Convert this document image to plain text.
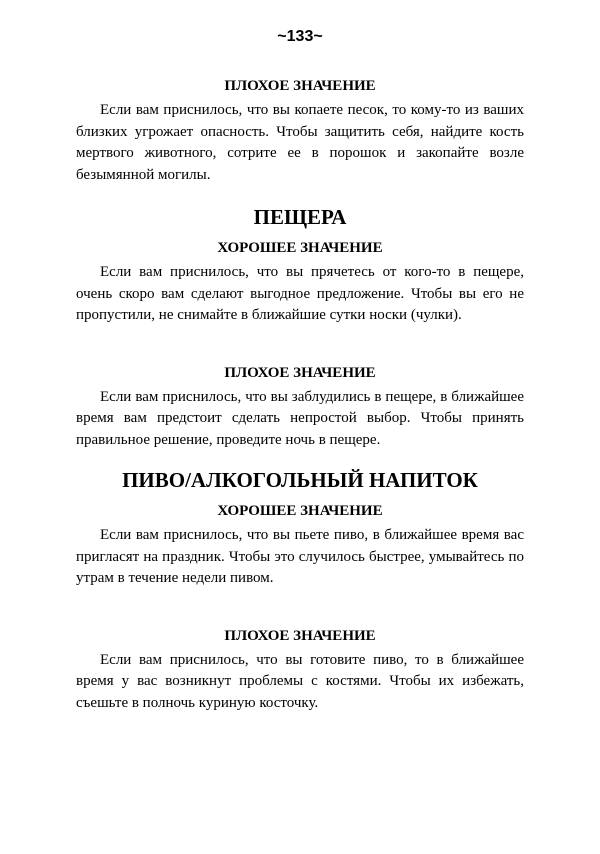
~133~
ПЛОХОЕ ЗНАЧЕНИЕ

Если вам приснилось, что вы копаете песок, то кому-то из ваших близких угрожает опасность. Чтобы защитить себя, найдите кость мертвого животного, сотрите ее в порошок и закопайте возле безымянной могилы.

ПЕЩЕРА
ХОРОШЕЕ ЗНАЧЕНИЕ

Если вам приснилось, что вы прячетесь от кого-то в пещере, очень скоро вам сделают выгодное предложение. Чтобы вы его не пропустили, не снимайте в ближайшие сутки носки (чулки).

ПЛОХОЕ ЗНАЧЕНИЕ

Если вам приснилось, что вы заблудились в пещере, в ближайшее время вам предстоит сделать непростой выбор. Чтобы принять правильное решение, проведите ночь в пещере.

ПИВО/АЛКОГОЛЬНЫЙ НАПИТОК
ХОРОШЕЕ ЗНАЧЕНИЕ

Если вам приснилось, что вы пьете пиво, в ближайшее время вас пригласят на праздник. Чтобы это случилось быстрее, умывайтесь по утрам в течение недели пивом.

ПЛОХОЕ ЗНАЧЕНИЕ

Если вам приснилось, что вы готовите пиво, то в ближайшее время у вас возникнут проблемы с костями. Чтобы их избежать, съешьте в полночь куриную косточку.
